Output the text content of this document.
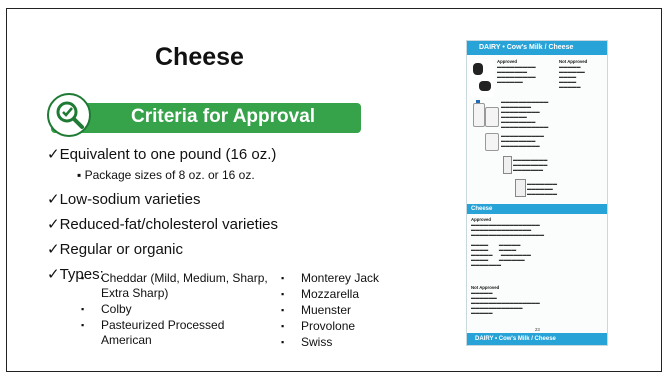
Cheese
Criteria for Approval
✓Equivalent to one pound (16 oz.)
▪ Package sizes of 8 oz. or 16 oz.
✓Low-sodium varieties
✓Reduced-fat/cholesterol varieties
✓Regular or organic
✓Types:
▪ Cheddar (Mild, Medium, Sharp, Extra Sharp)
▪ Colby
▪ Pasteurized Processed American
▪ Monterey Jack
▪ Mozzarella
▪ Muenster
▪ Provolone
▪ Swiss
DAIRY • Cow's Milk / Cheese
Approved
▬▬▬▬▬▬▬▬▬
▬▬▬▬▬▬▬
▬▬▬▬▬▬▬▬▬
▬▬▬▬▬▬
Not Approved
▬▬▬▬▬
▬▬▬▬▬▬
▬▬▬▬
▬▬▬▬
▬▬▬▬▬
▬▬▬▬▬▬▬▬▬▬▬
▬▬▬▬▬▬▬
▬▬▬▬▬▬▬▬▬
▬▬▬▬▬▬
▬▬▬▬▬▬▬▬
▬▬▬▬▬▬▬▬▬▬▬
▬▬▬▬▬▬▬▬▬▬
▬▬▬▬▬▬▬▬
▬▬▬▬▬▬▬▬▬
▬▬▬▬▬▬▬▬
▬▬▬▬▬▬▬▬
▬▬▬▬▬▬▬
▬▬▬▬▬▬▬
▬▬▬▬▬▬
▬▬▬▬▬▬▬
Cheese
Approved
▬▬▬▬▬▬▬▬▬▬▬▬▬▬▬▬
▬▬▬▬▬▬▬▬▬▬▬▬▬▬
▬▬▬▬▬▬▬▬▬▬▬▬▬▬▬▬▬

▬▬▬▬         ▬▬▬▬▬
▬▬▬▬         ▬▬▬▬
▬▬▬▬▬       ▬▬▬▬▬▬▬
▬▬▬▬         ▬▬▬▬▬▬
▬▬▬▬▬▬▬
Not Approved
▬▬▬▬▬
▬▬▬▬▬▬
▬▬▬▬▬▬▬▬▬▬▬▬▬▬▬▬
▬▬▬▬▬▬▬▬▬▬▬▬
▬▬▬▬▬
23
DAIRY • Cow's Milk / Cheese
